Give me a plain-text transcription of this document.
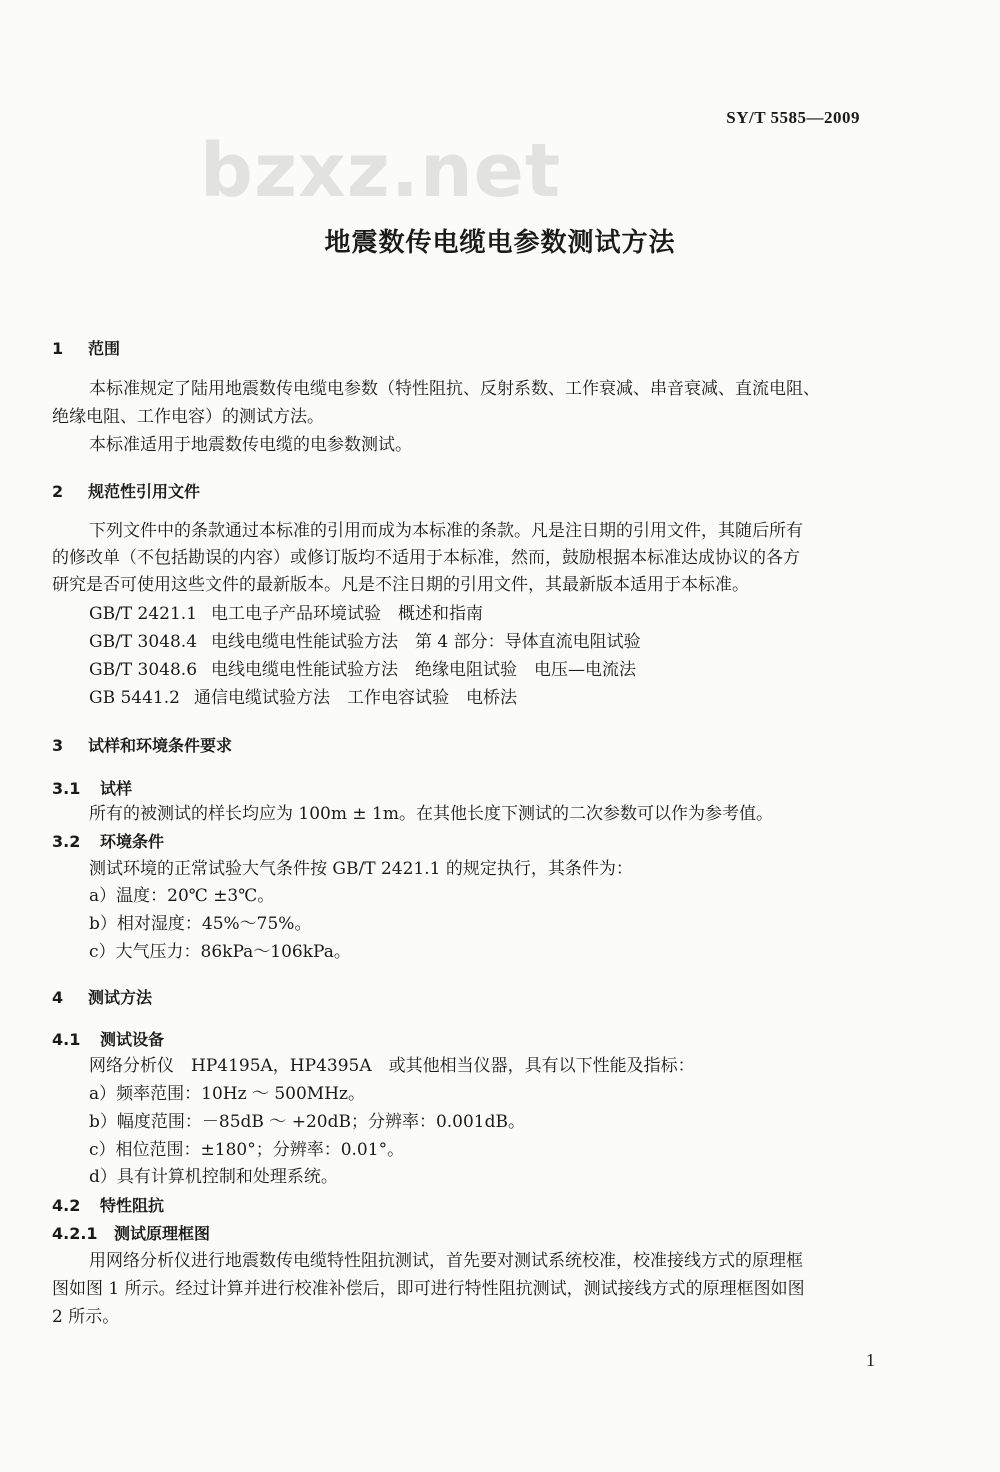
SY/T 5585—2009
bzxz.net
地震数传电缆电参数测试方法
1 范围
本标准规定了陆用地震数传电缆电参数（特性阻抗、反射系数、工作衰减、串音衰减、直流电阻、
绝缘电阻、工作电容）的测试方法。
本标准适用于地震数传电缆的电参数测试。
2 规范性引用文件
下列文件中的条款通过本标准的引用而成为本标准的条款。凡是注日期的引用文件，其随后所有
的修改单（不包括勘误的内容）或修订版均不适用于本标准，然而，鼓励根据本标准达成协议的各方
研究是否可使用这些文件的最新版本。凡是不注日期的引用文件，其最新版本适用于本标准。
GB/T 2421.1 电工电子产品环境试验　概述和指南
GB/T 3048.4 电线电缆电性能试验方法　第 4 部分：导体直流电阻试验
GB/T 3048.6 电线电缆电性能试验方法　绝缘电阻试验　电压—电流法
GB 5441.2 通信电缆试验方法　工作电容试验　电桥法
3 试样和环境条件要求
3.1 试样
所有的被测试的样长均应为 100m ± 1m。在其他长度下测试的二次参数可以作为参考值。
3.2 环境条件
测试环境的正常试验大气条件按 GB/T 2421.1 的规定执行，其条件为：
a）温度：20℃ ±3℃。
b）相对湿度：45%～75%。
c）大气压力：86kPa～106kPa。
4 测试方法
4.1 测试设备
网络分析仪　HP4195A，HP4395A　或其他相当仪器，具有以下性能及指标：
a）频率范围：10Hz ～ 500MHz。
b）幅度范围：－85dB ～ +20dB；分辨率：0.001dB。
c）相位范围：±180°；分辨率：0.01°。
d）具有计算机控制和处理系统。
4.2 特性阻抗
4.2.1 测试原理框图
用网络分析仪进行地震数传电缆特性阻抗测试，首先要对测试系统校准，校准接线方式的原理框
图如图 1 所示。经过计算并进行校准补偿后，即可进行特性阻抗测试，测试接线方式的原理框图如图
2 所示。
1
